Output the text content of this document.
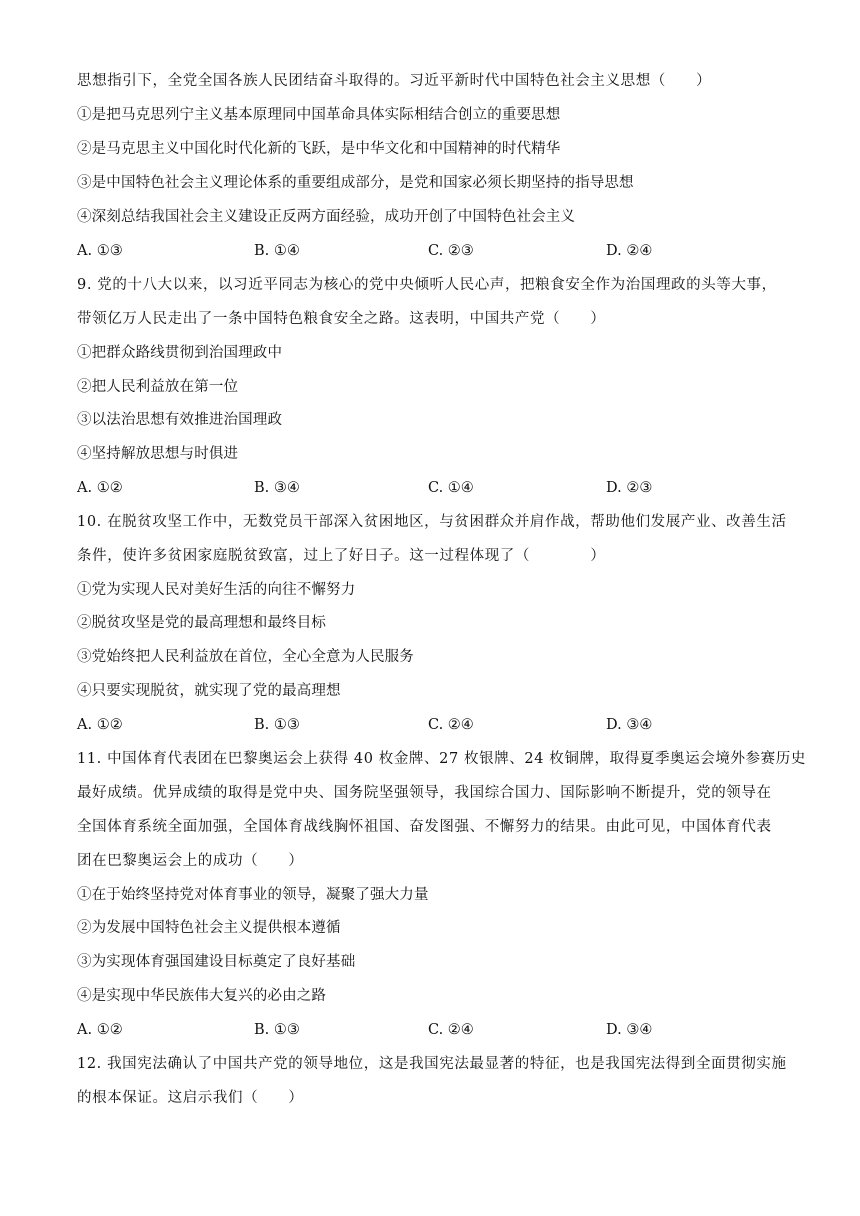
思想指引下，全党全国各族人民团结奋斗取得的。习近平新时代中国特色社会主义思想（　　）
①是把马克思列宁主义基本原理同中国革命具体实际相结合创立的重要思想
②是马克思主义中国化时代化新的飞跃，是中华文化和中国精神的时代精华
③是中国特色社会主义理论体系的重要组成部分，是党和国家必须长期坚持的指导思想
④深刻总结我国社会主义建设正反两方面经验，成功开创了中国特色社会主义
A. ①③	B. ①④	C. ②③	D. ②④
9. 党的十八大以来，以习近平同志为核心的党中央倾听人民心声，把粮食安全作为治国理政的头等大事，
带领亿万人民走出了一条中国特色粮食安全之路。这表明，中国共产党（　　）
①把群众路线贯彻到治国理政中
②把人民利益放在第一位
③以法治思想有效推进治国理政
④坚持解放思想与时俱进
A. ①②	B. ③④	C. ①④	D. ②③
10. 在脱贫攻坚工作中，无数党员干部深入贫困地区，与贫困群众并肩作战，帮助他们发展产业、改善生活
条件，使许多贫困家庭脱贫致富，过上了好日子。这一过程体现了（　　　　）
①党为实现人民对美好生活的向往不懈努力
②脱贫攻坚是党的最高理想和最终目标
③党始终把人民利益放在首位，全心全意为人民服务
④只要实现脱贫，就实现了党的最高理想
A. ①②	B. ①③	C. ②④	D. ③④
11. 中国体育代表团在巴黎奥运会上获得 40 枚金牌、27 枚银牌、24 枚铜牌，取得夏季奥运会境外参赛历史
最好成绩。优异成绩的取得是党中央、国务院坚强领导，我国综合国力、国际影响不断提升，党的领导在
全国体育系统全面加强，全国体育战线胸怀祖国、奋发图强、不懈努力的结果。由此可见，中国体育代表
团在巴黎奥运会上的成功（　　）
①在于始终坚持党对体育事业的领导，凝聚了强大力量
②为发展中国特色社会主义提供根本遵循
③为实现体育强国建设目标奠定了良好基础
④是实现中华民族伟大复兴的必由之路
A. ①②	B. ①③	C. ②④	D. ③④
12. 我国宪法确认了中国共产党的领导地位，这是我国宪法最显著的特征，也是我国宪法得到全面贯彻实施
的根本保证。这启示我们（　　）
